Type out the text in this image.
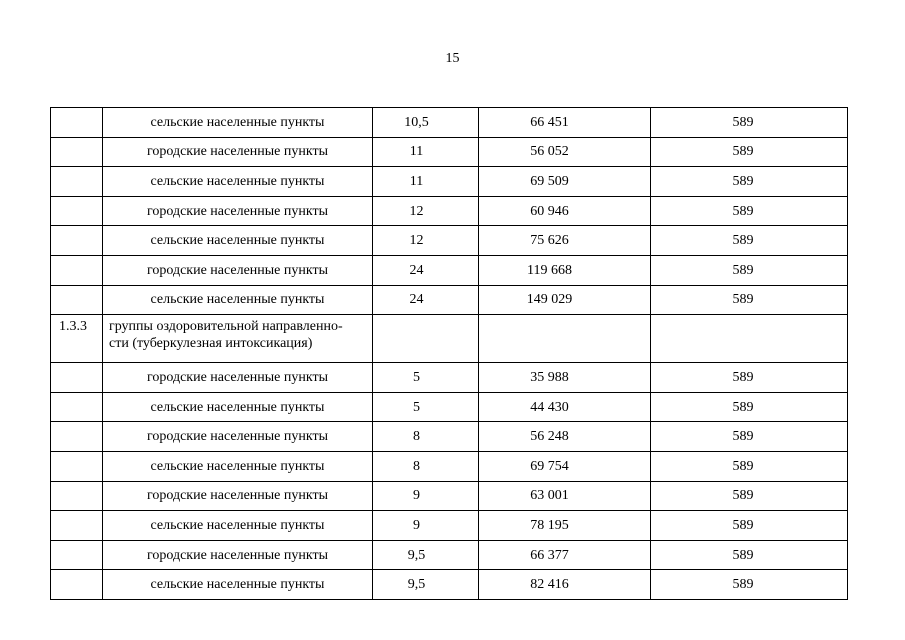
15
	сельские населенные пункты	10,5	66 451	589
	городские населенные пункты	11	56 052	589
	сельские населенные пункты	11	69 509	589
	городские населенные пункты	12	60 946	589
	сельские населенные пункты	12	75 626	589
	городские населенные пункты	24	119 668	589
	сельские населенные пункты	24	149 029	589
1.3.3	группы оздоровительной направленно-
сти (туберкулезная интоксикация)			
	городские населенные пункты	5	35 988	589
	сельские населенные пункты	5	44 430	589
	городские населенные пункты	8	56 248	589
	сельские населенные пункты	8	69 754	589
	городские населенные пункты	9	63 001	589
	сельские населенные пункты	9	78 195	589
	городские населенные пункты	9,5	66 377	589
	сельские населенные пункты	9,5	82 416	589
